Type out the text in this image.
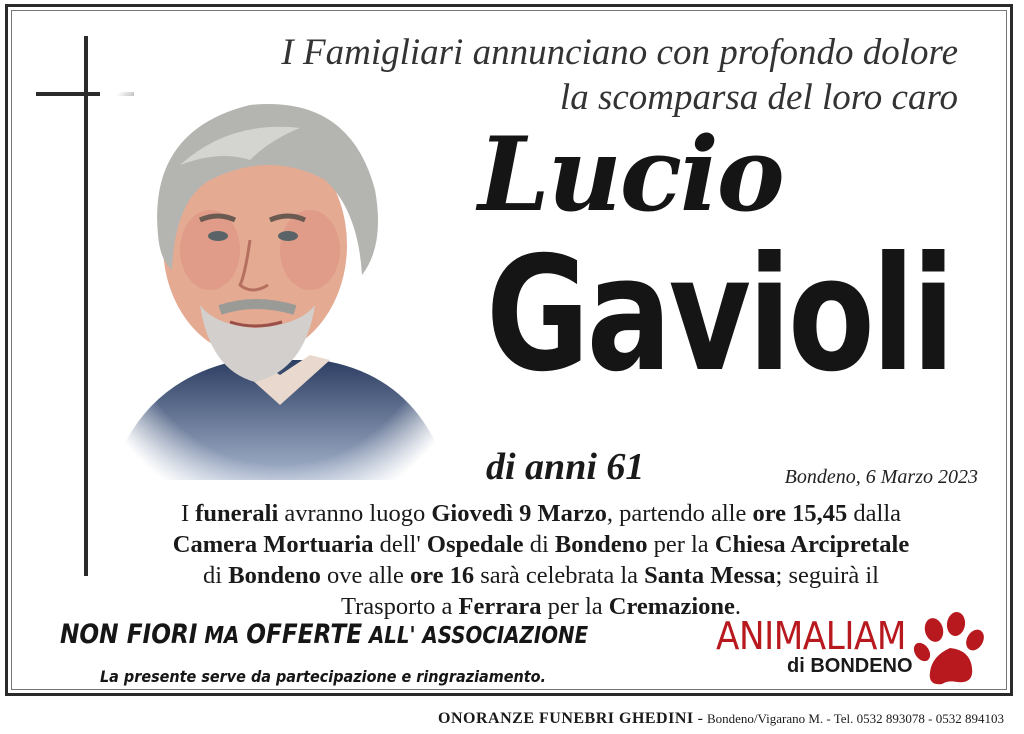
I Famigliari annunciano con profondo dolore
la scomparsa del loro caro
Lucio
Gavioli
di anni 61	Bondeno, 6 Marzo 2023
I funerali avranno luogo Giovedì 9 Marzo, partendo alle ore 15,45 dalla
Camera Mortuaria dell' Ospedale di Bondeno per la Chiesa Arcipretale
di Bondeno ove alle ore 16 sarà celebrata la Santa Messa; seguirà il
Trasporto a Ferrara per la Cremazione.
NON FIORI MA OFFERTE ALL' ASSOCIAZIONE
La presente serve da partecipazione e ringraziamento.
ANIMALIAM
di BONDENO
ONORANZE FUNEBRI GHEDINI - Bondeno/Vigarano M. - Tel. 0532 893078 - 0532 894103
